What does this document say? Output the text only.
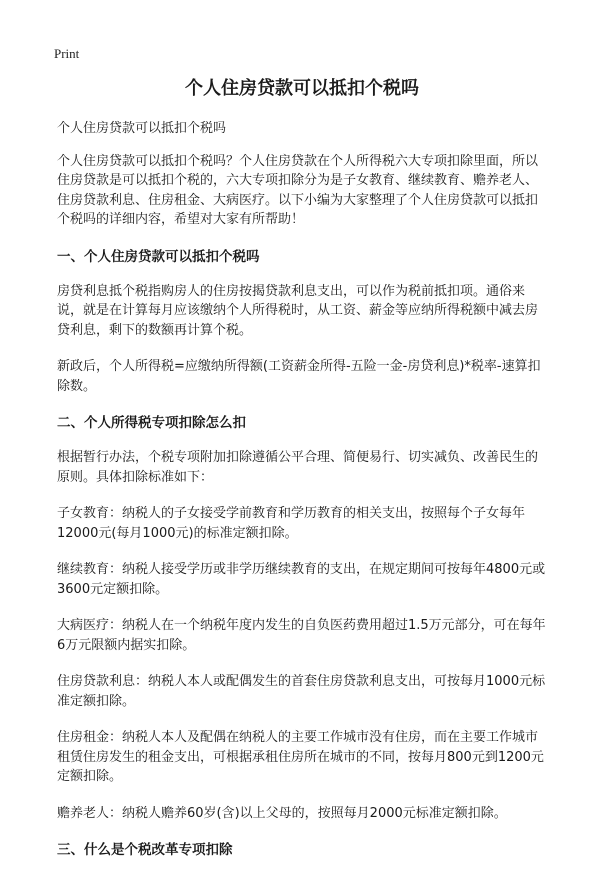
Print
个人住房贷款可以抵扣个税吗

个人住房贷款可以抵扣个税吗

个人住房贷款可以抵扣个税吗？个人住房贷款在个人所得税六大专项扣除里面，所以住房贷款是可以抵扣个税的，六大专项扣除分为是子女教育、继续教育、赡养老人、住房贷款利息、住房租金、大病医疗。以下小编为大家整理了个人住房贷款可以抵扣个税吗的详细内容，希望对大家有所帮助！

一、个人住房贷款可以抵扣个税吗

房贷利息抵个税指购房人的住房按揭贷款利息支出，可以作为税前抵扣项。通俗来说，就是在计算每月应该缴纳个人所得税时，从工资、薪金等应纳所得税额中减去房贷利息，剩下的数额再计算个税。

新政后，个人所得税=应缴纳所得额(工资薪金所得-五险一金-房贷利息)*税率-速算扣除数。

二、个人所得税专项扣除怎么扣

根据暂行办法，个税专项附加扣除遵循公平合理、简便易行、切实减负、改善民生的原则。具体扣除标准如下：

子女教育：纳税人的子女接受学前教育和学历教育的相关支出，按照每个子女每年12000元(每月1000元)的标准定额扣除。

继续教育：纳税人接受学历或非学历继续教育的支出，在规定期间可按每年4800元或3600元定额扣除。

大病医疗：纳税人在一个纳税年度内发生的自负医药费用超过1.5万元部分，可在每年6万元限额内据实扣除。

住房贷款利息：纳税人本人或配偶发生的首套住房贷款利息支出，可按每月1000元标准定额扣除。

住房租金：纳税人本人及配偶在纳税人的主要工作城市没有住房，而在主要工作城市租赁住房发生的租金支出，可根据承租住房所在城市的不同，按每月800元到1200元定额扣除。

赡养老人：纳税人赡养60岁(含)以上父母的，按照每月2000元标准定额扣除。

三、什么是个税改革专项扣除
